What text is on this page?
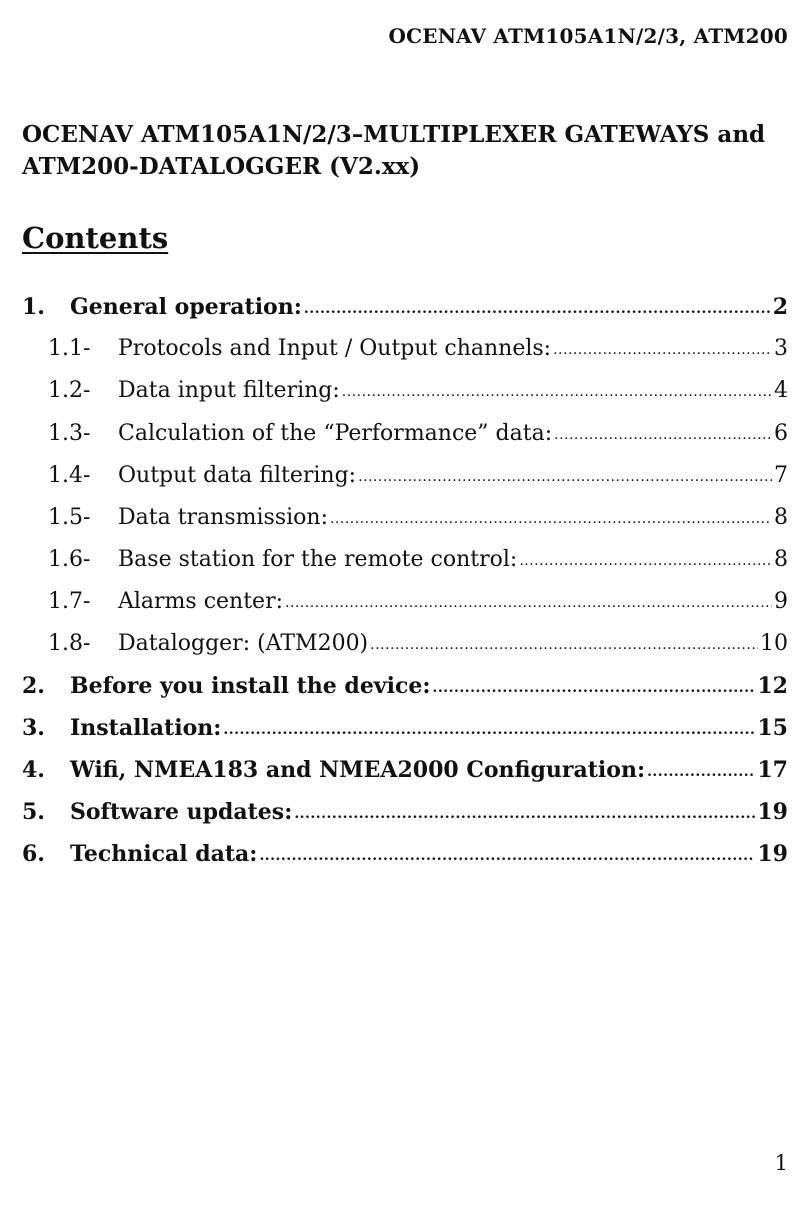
OCENAV ATM105A1N/2/3, ATM200
OCENAV ATM105A1N/2/3–MULTIPLEXER GATEWAYS and
ATM200-DATALOGGER (V2.xx)
Contents
1.	General operation: .....	2
1.1-	Protocols and Input / Output channels: .....	3
1.2-	Data input filtering: .....	4
1.3-	Calculation of the “Performance” data: .....	6
1.4-	Output data filtering: .....	7
1.5-	Data transmission: .....	8
1.6-	Base station for the remote control: .....	8
1.7-	Alarms center: .....	9
1.8-	Datalogger: (ATM200) .....	10
2.	Before you install the device: .....	12
3.	Installation: .....	15
4.	Wifi, NMEA183 and NMEA2000 Configuration: .....	17
5.	Software updates: .....	19
6.	Technical data: .....	19
1
